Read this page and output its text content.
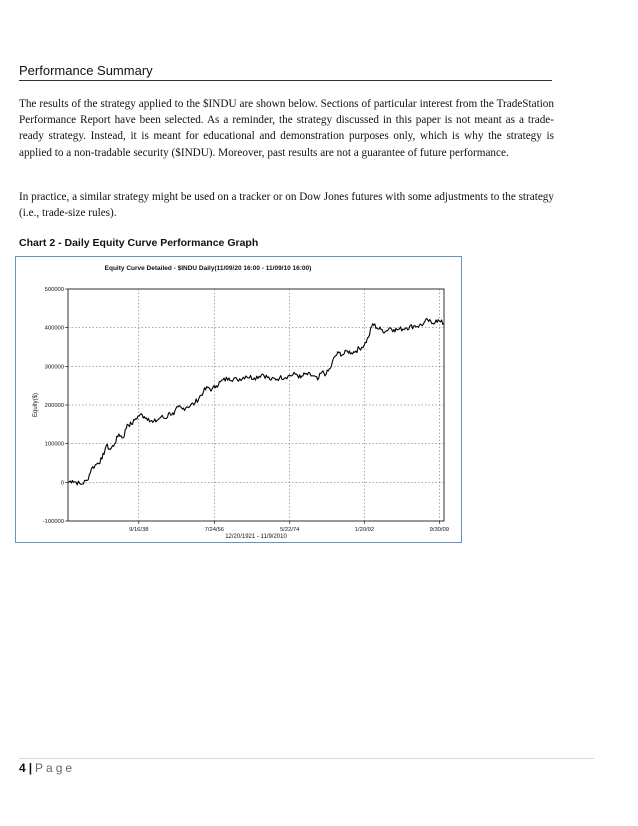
Performance Summary

The results of the strategy applied to the $INDU are shown below. Sections of particular interest from the TradeStation Performance Report have been selected. As a reminder, the strategy discussed in this paper is not meant as a trade-ready strategy. Instead, it is meant for educational and demonstration purposes only, which is why the strategy is applied to a non-tradable security ($INDU). Moreover, past results are not a guarantee of future performance.

In practice, a similar strategy might be used on a tracker or on Dow Jones futures with some adjustments to the strategy (i.e., trade-size rules).

Chart 2 - Daily Equity Curve Performance Graph
Equity Curve Detailed - $INDU Daily(11/09/20 16:00 - 11/09/10 16:00)
500000
400000
300000
200000
100000
0
-100000
9/16/38	7/24/56	5/22/74	1/20/92	9/30/09
Equity($)
12/20/1921 - 11/9/2010
4 | Page
